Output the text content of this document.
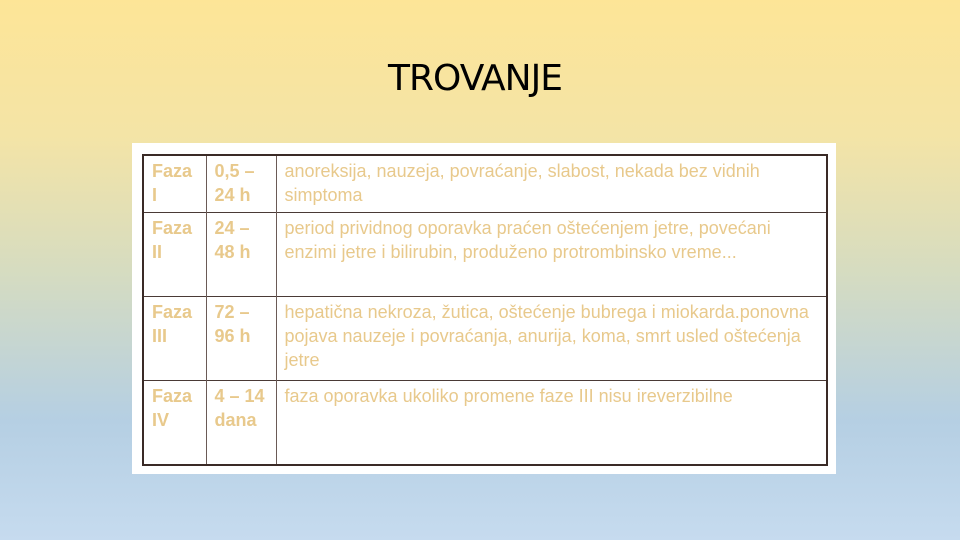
TROVANJE
Faza I	0,5 – 24 h	anoreksija, nauzeja, povraćanje, slabost, nekada bez vidnih simptoma
Faza II	24 – 48 h	period prividnog oporavka praćen oštećenjem jetre, povećani enzimi jetre i bilirubin, produženo protrombinsko vreme...
Faza III	72 – 96 h	hepatična nekroza, žutica, oštećenje bubrega i miokarda.ponovna pojava nauzeje i povraćanja, anurija, koma, smrt usled oštećenja jetre
Faza IV	4 – 14 dana	faza oporavka ukoliko promene faze III nisu ireverzibilne
